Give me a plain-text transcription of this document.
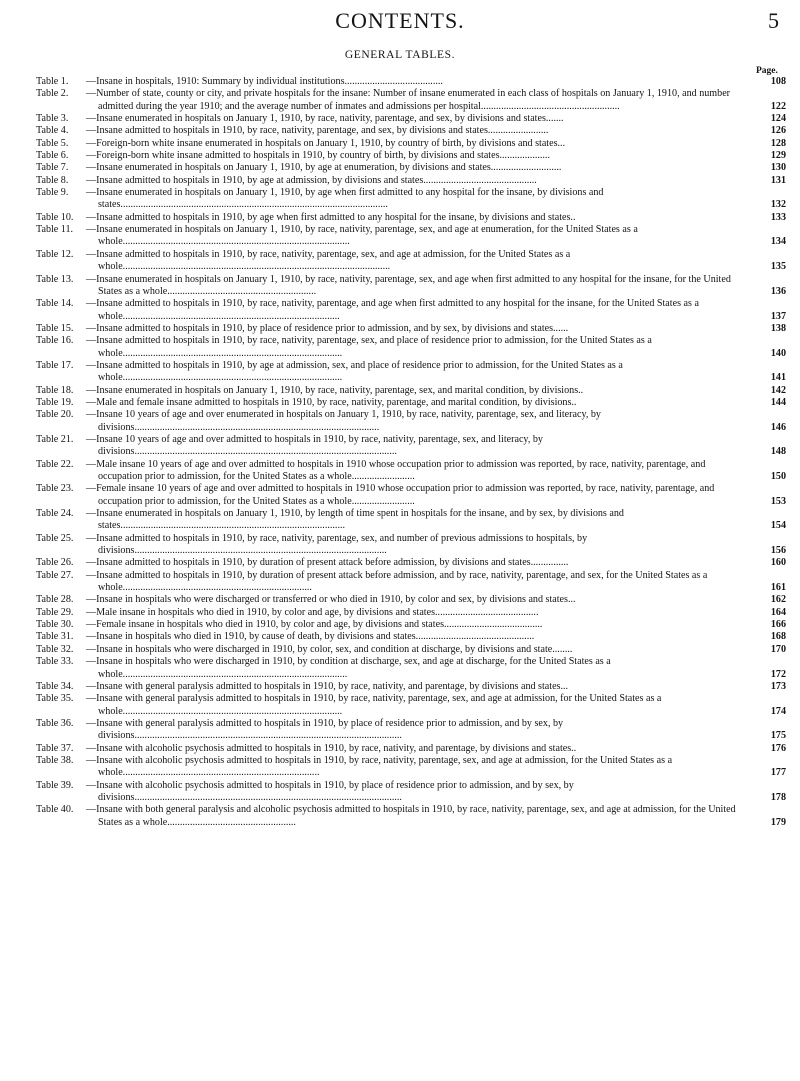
CONTENTS.	5
GENERAL TABLES.
Page.
Table 1.	—Insane in hospitals, 1910: Summary by individual institutions.......................................	108
Table 2.	—Number of state, county or city, and private hospitals for the insane: Number of insane enumerated in each class of hospitals on January 1, 1910, and number admitted during the year 1910; and the average number of inmates and admissions per hospital.......................................................	122
Table 3.	—Insane enumerated in hospitals on January 1, 1910, by race, nativity, parentage, and sex, by divisions and states.......	124
Table 4.	—Insane admitted to hospitals in 1910, by race, nativity, parentage, and sex, by divisions and states........................	126
Table 5.	—Foreign-born white insane enumerated in hospitals on January 1, 1910, by country of birth, by divisions and states...	128
Table 6.	—Foreign-born white insane admitted to hospitals in 1910, by country of birth, by divisions and states....................	129
Table 7.	—Insane enumerated in hospitals on January 1, 1910, by age at enumeration, by divisions and states............................	130
Table 8.	—Insane admitted to hospitals in 1910, by age at admission, by divisions and states.............................................	131
Table 9.	—Insane enumerated in hospitals on January 1, 1910, by age when first admitted to any hospital for the insane, by divisions and states..........................................................................................................	132
Table 10.	—Insane admitted to hospitals in 1910, by age when first admitted to any hospital for the insane, by divisions and states..	133
Table 11.	—Insane enumerated in hospitals on January 1, 1910, by race, nativity, parentage, sex, and age at enumeration, for the United States as a whole..........................................................................................	134
Table 12.	—Insane admitted to hospitals in 1910, by race, nativity, parentage, sex, and age at admission, for the United States as a whole..........................................................................................................	135
Table 13.	—Insane enumerated in hospitals on January 1, 1910, by race, nativity, parentage, sex, and age when first admitted to any hospital for the insane, for the United States as a whole...........................................................	136
Table 14.	—Insane admitted to hospitals in 1910, by race, nativity, parentage, and age when first admitted to any hospital for the insane, for the United States as a whole......................................................................................	137
Table 15.	—Insane admitted to hospitals in 1910, by place of residence prior to admission, and by sex, by divisions and states......	138
Table 16.	—Insane admitted to hospitals in 1910, by race, nativity, parentage, sex, and place of residence prior to admission, for the United States as a whole.......................................................................................	140
Table 17.	—Insane admitted to hospitals in 1910, by age at admission, sex, and place of residence prior to admission, for the United States as a whole.......................................................................................	141
Table 18.	—Insane enumerated in hospitals on January 1, 1910, by race, nativity, parentage, sex, and marital condition, by divisions..	142
Table 19.	—Male and female insane admitted to hospitals in 1910, by race, nativity, parentage, and marital condition, by divisions..	144
Table 20.	—Insane 10 years of age and over enumerated in hospitals on January 1, 1910, by race, nativity, parentage, sex, and literacy, by divisions.................................................................................................	146
Table 21.	—Insane 10 years of age and over admitted to hospitals in 1910, by race, nativity, parentage, sex, and literacy, by divisions........................................................................................................	148
Table 22.	—Male insane 10 years of age and over admitted to hospitals in 1910 whose occupation prior to admission was reported, by race, nativity, parentage, and occupation prior to admission, for the United States as a whole.........................	150
Table 23.	—Female insane 10 years of age and over admitted to hospitals in 1910 whose occupation prior to admission was reported, by race, nativity, parentage, and occupation prior to admission, for the United States as a whole.........................	153
Table 24.	—Insane enumerated in hospitals on January 1, 1910, by length of time spent in hospitals for the insane, and by sex, by divisions and states.........................................................................................	154
Table 25.	—Insane admitted to hospitals in 1910, by race, nativity, parentage, sex, and number of previous admissions to hospitals, by divisions....................................................................................................	156
Table 26.	—Insane admitted to hospitals in 1910, by duration of present attack before admission, by divisions and states...............	160
Table 27.	—Insane admitted to hospitals in 1910, by duration of present attack before admission, and by race, nativity, parentage, and sex, for the United States as a whole...........................................................................	161
Table 28.	—Insane in hospitals who were discharged or transferred or who died in 1910, by color and sex, by divisions and states...	162
Table 29.	—Male insane in hospitals who died in 1910, by color and age, by divisions and states.........................................	164
Table 30.	—Female insane in hospitals who died in 1910, by color and age, by divisions and states.......................................	166
Table 31.	—Insane in hospitals who died in 1910, by cause of death, by divisions and states...............................................	168
Table 32.	—Insane in hospitals who were discharged in 1910, by color, sex, and condition at discharge, by divisions and state........	170
Table 33.	—Insane in hospitals who were discharged in 1910, by condition at discharge, sex, and age at discharge, for the United States as a whole.........................................................................................	172
Table 34.	—Insane with general paralysis admitted to hospitals in 1910, by race, nativity, and parentage, by divisions and states...	173
Table 35.	—Insane with general paralysis admitted to hospitals in 1910, by race, nativity, parentage, sex, and age at admission, for the United States as a whole.......................................................................................	174
Table 36.	—Insane with general paralysis admitted to hospitals in 1910, by place of residence prior to admission, and by sex, by divisions..........................................................................................................	175
Table 37.	—Insane with alcoholic psychosis admitted to hospitals in 1910, by race, nativity, and parentage, by divisions and states..	176
Table 38.	—Insane with alcoholic psychosis admitted to hospitals in 1910, by race, nativity, parentage, sex, and age at admission, for the United States as a whole..............................................................................	177
Table 39.	—Insane with alcoholic psychosis admitted to hospitals in 1910, by place of residence prior to admission, and by sex, by divisions..........................................................................................................	178
Table 40.	—Insane with both general paralysis and alcoholic psychosis admitted to hospitals in 1910, by race, nativity, parentage, sex, and age at admission, for the United States as a whole...................................................	179
